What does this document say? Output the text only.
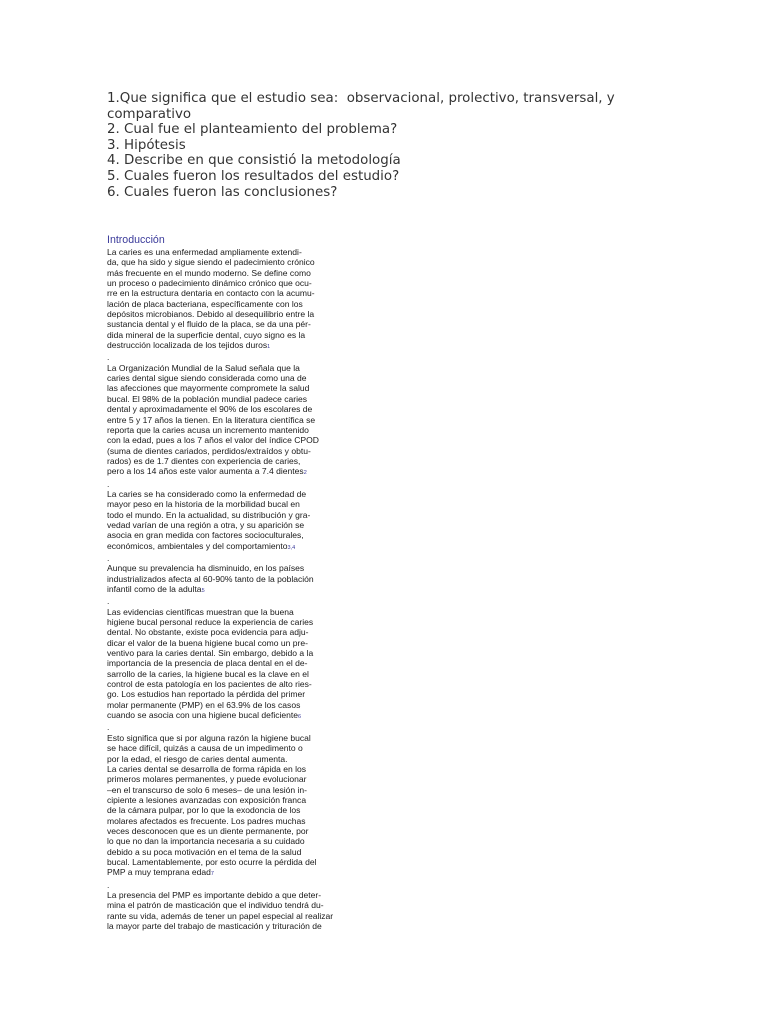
1.Que significa que el estudio sea:  observacional, prolectivo, transversal, y

comparativo

2. Cual fue el planteamiento del problema?

3. Hipótesis

4. Describe en que consistió la metodología

5. Cuales fueron los resultados del estudio?

6. Cuales fueron las conclusiones?

Introducción

La caries es una enfermedad ampliamente extendi-
da, que ha sido y sigue siendo el padecimiento crónico
más frecuente en el mundo moderno. Se define como
un proceso o padecimiento dinámico crónico que ocu-
rre en la estructura dentaria en contacto con la acumu-
lación de placa bacteriana, específicamente con los
depósitos microbianos. Debido al desequilibrio entre la
sustancia dental y el fluido de la placa, se da una pér-
dida mineral de la superficie dental, cuyo signo es la
destrucción localizada de los tejidos duros1
.
La Organización Mundial de la Salud señala que la
caries dental sigue siendo considerada como una de
las afecciones que mayormente compromete la salud
bucal. El 98% de la población mundial padece caries
dental y aproximadamente el 90% de los escolares de
entre 5 y 17 años la tienen. En la literatura científica se
reporta que la caries acusa un incremento mantenido
con la edad, pues a los 7 años el valor del índice CPOD
(suma de dientes cariados, perdidos/extraídos y obtu-
rados) es de 1.7 dientes con experiencia de caries,
pero a los 14 años este valor aumenta a 7.4 dientes2
.
La caries se ha considerado como la enfermedad de
mayor peso en la historia de la morbilidad bucal en
todo el mundo. En la actualidad, su distribución y gra-
vedad varían de una región a otra, y su aparición se
asocia en gran medida con factores socioculturales,
económicos, ambientales y del comportamiento3,4
.
Aunque su prevalencia ha disminuido, en los países
industrializados afecta al 60-90% tanto de la población
infantil como de la adulta5
.
Las evidencias científicas muestran que la buena
higiene bucal personal reduce la experiencia de caries
dental. No obstante, existe poca evidencia para adju-
dicar el valor de la buena higiene bucal como un pre-
ventivo para la caries dental. Sin embargo, debido a la
importancia de la presencia de placa dental en el de-
sarrollo de la caries, la higiene bucal es la clave en el
control de esta patología en los pacientes de alto ries-
go. Los estudios han reportado la pérdida del primer
molar permanente (PMP) en el 63.9% de los casos
cuando se asocia con una higiene bucal deficiente6
.
Esto significa que si por alguna razón la higiene bucal
se hace difícil, quizás a causa de un impedimento o
por la edad, el riesgo de caries dental aumenta.
La caries dental se desarrolla de forma rápida en los
primeros molares permanentes, y puede evolucionar
–en el transcurso de solo 6 meses– de una lesión in-
cipiente a lesiones avanzadas con exposición franca
de la cámara pulpar, por lo que la exodoncia de los
molares afectados es frecuente. Los padres muchas
veces desconocen que es un diente permanente, por
lo que no dan la importancia necesaria a su cuidado
debido a su poca motivación en el tema de la salud
bucal. Lamentablemente, por esto ocurre la pérdida del
PMP a muy temprana edad7
.
La presencia del PMP es importante debido a que deter-
mina el patrón de masticación que el individuo tendrá du-
rante su vida, además de tener un papel especial al realizar
la mayor parte del trabajo de masticación y trituración de
